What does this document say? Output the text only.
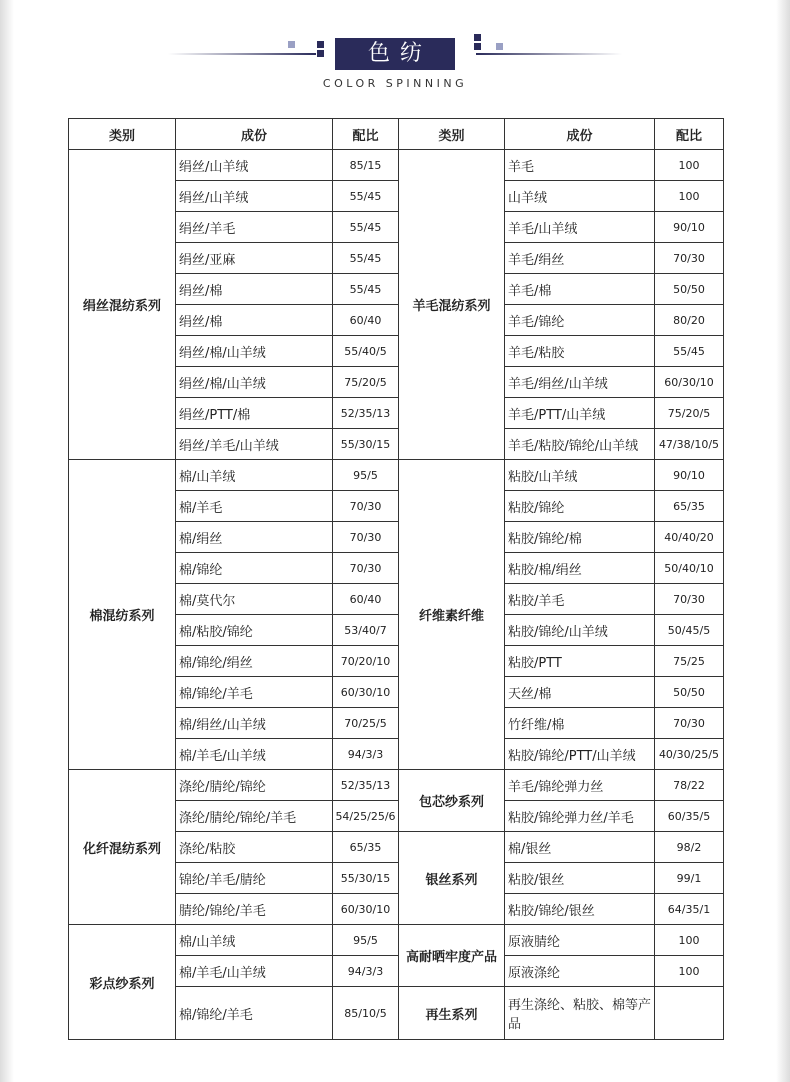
色纺
COLOR SPINNING
类别	成份	配比	类别	成份	配比
绢丝混纺系列	绢丝/山羊绒	85/15	羊毛混纺系列	羊毛	100
	绢丝/山羊绒	55/45		山羊绒	100
	绢丝/羊毛	55/45		羊毛/山羊绒	90/10
	绢丝/亚麻	55/45		羊毛/绢丝	70/30
	绢丝/棉	55/45		羊毛/棉	50/50
	绢丝/棉	60/40		羊毛/锦纶	80/20
	绢丝/棉/山羊绒	55/40/5		羊毛/粘胶	55/45
	绢丝/棉/山羊绒	75/20/5		羊毛/绢丝/山羊绒	60/30/10
	绢丝/PTT/棉	52/35/13		羊毛/PTT/山羊绒	75/20/5
	绢丝/羊毛/山羊绒	55/30/15		羊毛/粘胶/锦纶/山羊绒	47/38/10/5
棉混纺系列	棉/山羊绒	95/5	纤维素纤维	粘胶/山羊绒	90/10
	棉/羊毛	70/30		粘胶/锦纶	65/35
	棉/绢丝	70/30		粘胶/锦纶/棉	40/40/20
	棉/锦纶	70/30		粘胶/棉/绢丝	50/40/10
	棉/莫代尔	60/40		粘胶/羊毛	70/30
	棉/粘胶/锦纶	53/40/7		粘胶/锦纶/山羊绒	50/45/5
	棉/锦纶/绢丝	70/20/10		粘胶/PTT	75/25
	棉/锦纶/羊毛	60/30/10		天丝/棉	50/50
	棉/绢丝/山羊绒	70/25/5		竹纤维/棉	70/30
	棉/羊毛/山羊绒	94/3/3		粘胶/锦纶/PTT/山羊绒	40/30/25/5
化纤混纺系列	涤纶/腈纶/锦纶	52/35/13	包芯纱系列	羊毛/锦纶弹力丝	78/22
	涤纶/腈纶/锦纶/羊毛	54/25/25/6		粘胶/锦纶弹力丝/羊毛	60/35/5
	涤纶/粘胶	65/35	银丝系列	棉/银丝	98/2
	锦纶/羊毛/腈纶	55/30/15		粘胶/银丝	99/1
	腈纶/锦纶/羊毛	60/30/10		粘胶/锦纶/银丝	64/35/1
彩点纱系列	棉/山羊绒	95/5	高耐晒牢度产品	原液腈纶	100
	棉/羊毛/山羊绒	94/3/3		原液涤纶	100
	棉/锦纶/羊毛	85/10/5	再生系列	再生涤纶、粘胶、棉等产品	
